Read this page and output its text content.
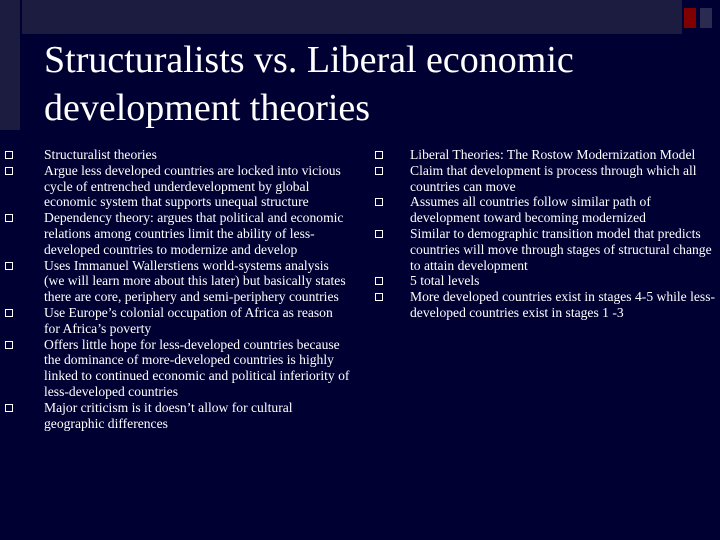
Structuralists vs. Liberal economic development theories
Structuralist theories
Argue less developed countries are locked into vicious cycle of entrenched underdevelopment by global economic system that supports unequal structure
Dependency theory: argues that political and economic relations among countries limit the ability of less-developed countries to modernize and develop
Uses Immanuel Wallerstiens world-systems analysis (we will learn more about this later) but basically states there are core, periphery and semi-periphery countries
Use Europe’s colonial occupation of Africa as reason for Africa’s poverty
Offers little hope for less-developed countries because the dominance of more-developed countries is highly linked to continued economic and political inferiority of less-developed countries
Major criticism is it doesn’t allow for cultural geographic differences
Liberal Theories: The Rostow Modernization Model
Claim that development is process through which all countries can move
Assumes all countries follow similar path of development toward becoming modernized
Similar to demographic transition model that predicts countries will move through stages of structural change to attain development
5 total levels
More developed countries exist in stages 4-5 while less-developed countries exist in stages 1 -3
